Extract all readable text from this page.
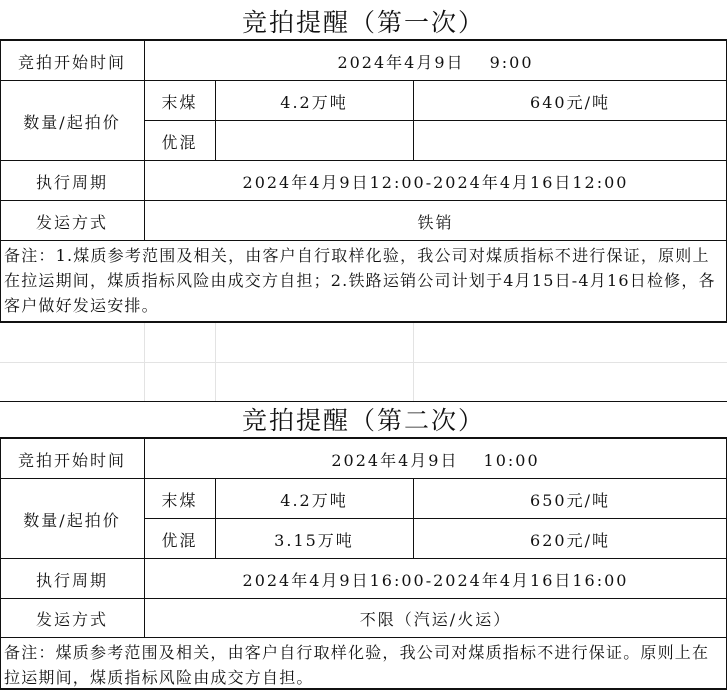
竞拍提醒（第一次）
竞拍开始时间	2024年4月9日　 9:00
数量/起拍价
末煤	4.2万吨	640元/吨
优混
执行周期	2024年4月9日12:00-2024年4月16日12:00
发运方式	铁销
备注：1.煤质参考范围及相关，由客户自行取样化验，我公司对煤质指标不进行保证，原则上在拉运期间，煤质指标风险由成交方自担；2.铁路运销公司计划于4月15日-4月16日检修，各客户做好发运安排。
竞拍提醒（第二次）
竞拍开始时间	2024年4月9日　 10:00
数量/起拍价
末煤	4.2万吨	650元/吨
优混	3.15万吨	620元/吨
执行周期	2024年4月9日16:00-2024年4月16日16:00
发运方式	不限（汽运/火运）
备注：煤质参考范围及相关，由客户自行取样化验，我公司对煤质指标不进行保证。原则上在拉运期间，煤质指标风险由成交方自担。
